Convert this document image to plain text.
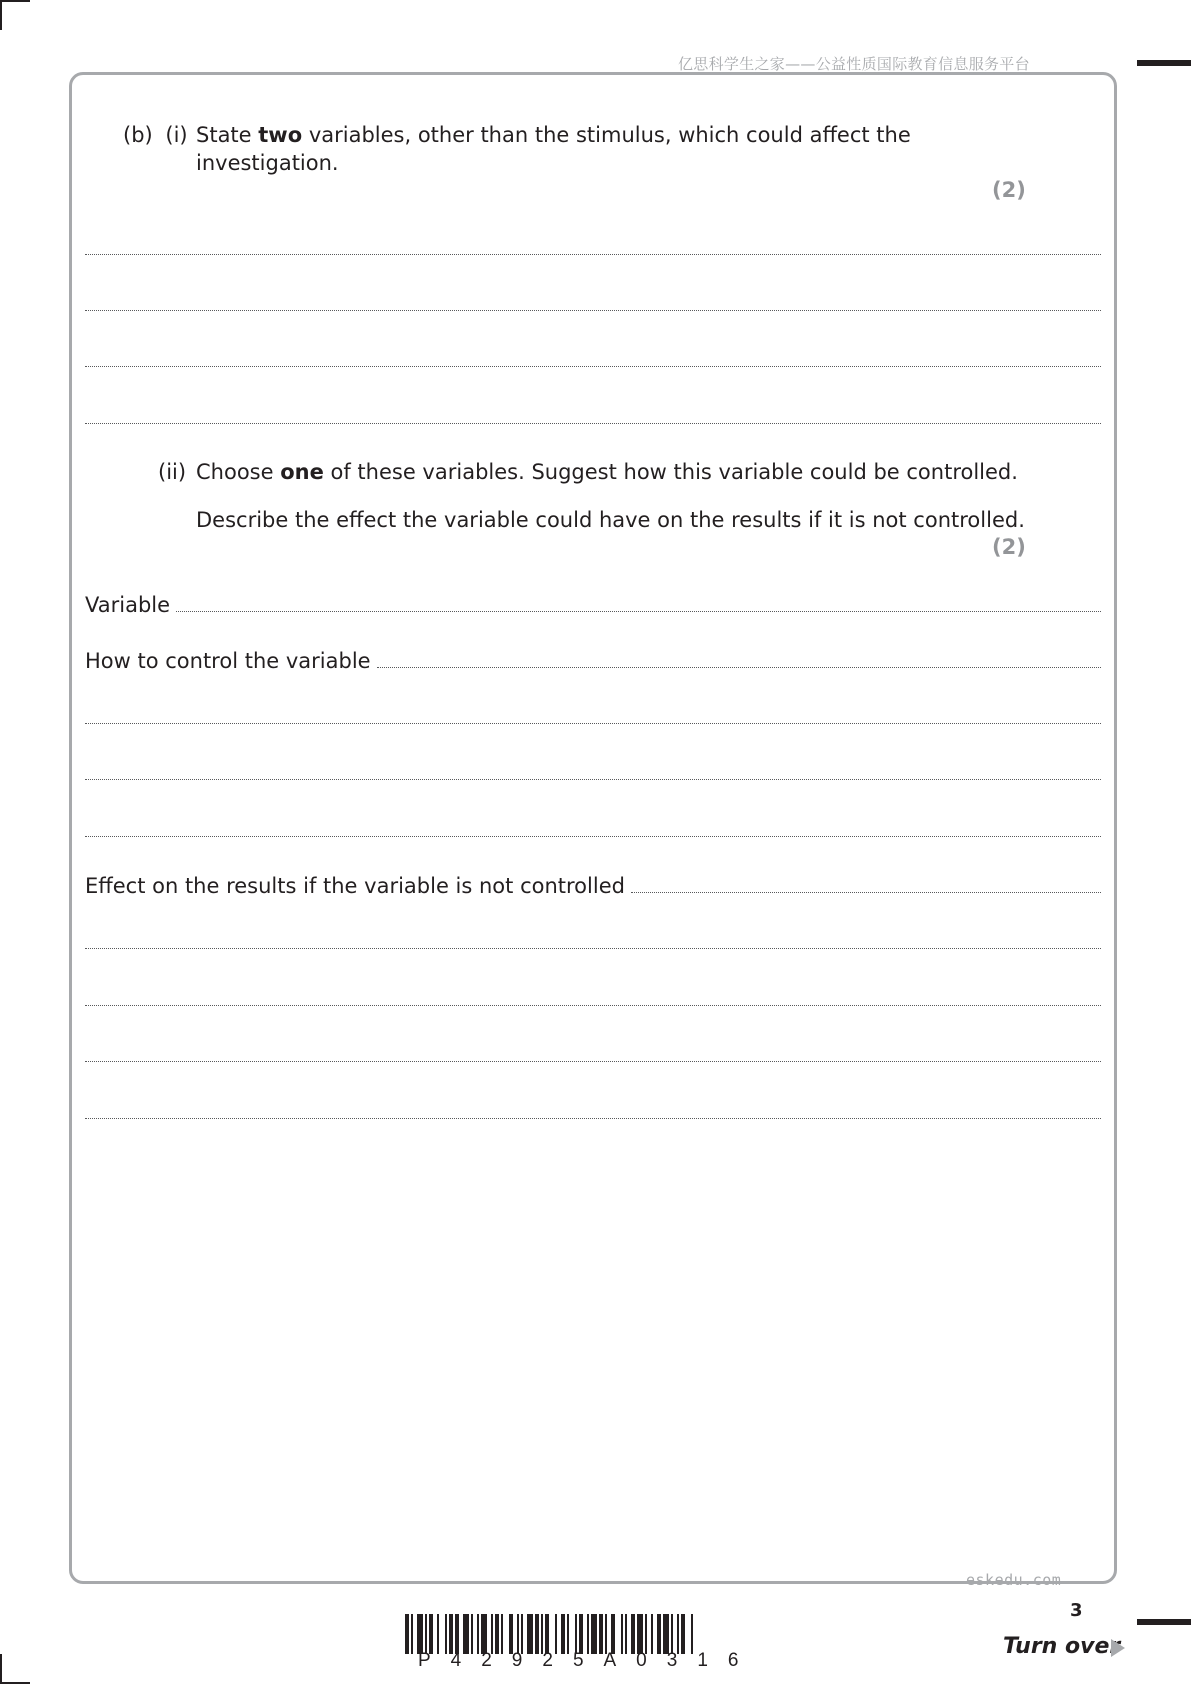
亿思科学生之家——公益性质国际教育信息服务平台
(b) (i) State two variables, other than the stimulus, which could affect the
investigation.
(2)
(ii) Choose one of these variables. Suggest how this variable could be controlled.
Describe the effect the variable could have on the results if it is not controlled.
(2)
Variable
How to control the variable
Effect on the results if the variable is not controlled
eskedu.com
P42925A0316
3
Turn over
